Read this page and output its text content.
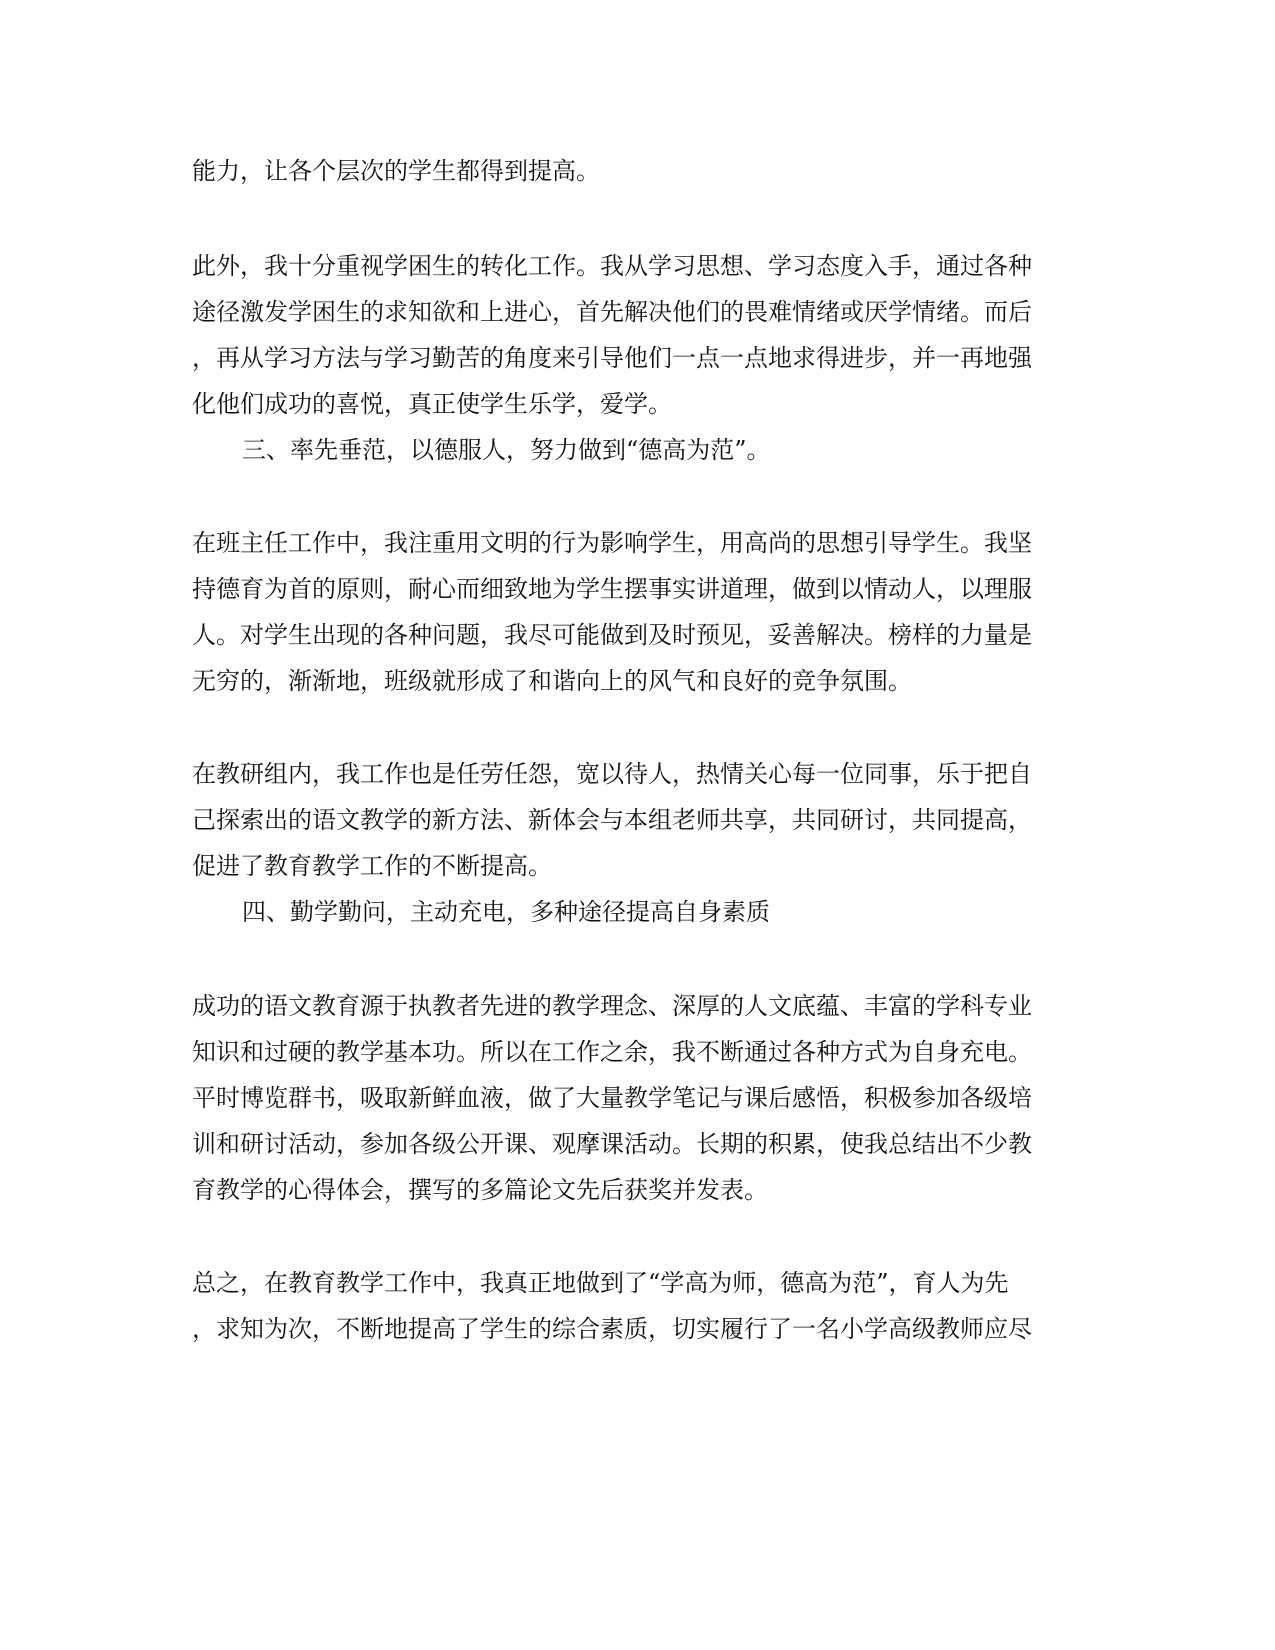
能力，让各个层次的学生都得到提高。

此外，我十分重视学困生的转化工作。我从学习思想、学习态度入手，通过各种

途径激发学困生的求知欲和上进心，首先解决他们的畏难情绪或厌学情绪。而后

，再从学习方法与学习勤苦的角度来引导他们一点一点地求得进步，并一再地强

化他们成功的喜悦，真正使学生乐学，爱学。

三、率先垂范，以德服人，努力做到“德高为范”。

在班主任工作中，我注重用文明的行为影响学生，用高尚的思想引导学生。我坚

持德育为首的原则，耐心而细致地为学生摆事实讲道理，做到以情动人，以理服

人。对学生出现的各种问题，我尽可能做到及时预见，妥善解决。榜样的力量是

无穷的，渐渐地，班级就形成了和谐向上的风气和良好的竞争氛围。

在教研组内，我工作也是任劳任怨，宽以待人，热情关心每一位同事，乐于把自

己探索出的语文教学的新方法、新体会与本组老师共享，共同研讨，共同提高，

促进了教育教学工作的不断提高。

四、勤学勤问，主动充电，多种途径提高自身素质

成功的语文教育源于执教者先进的教学理念、深厚的人文底蕴、丰富的学科专业

知识和过硬的教学基本功。所以在工作之余，我不断通过各种方式为自身充电。

平时博览群书，吸取新鲜血液，做了大量教学笔记与课后感悟，积极参加各级培

训和研讨活动，参加各级公开课、观摩课活动。长期的积累，使我总结出不少教

育教学的心得体会，撰写的多篇论文先后获奖并发表。

总之，在教育教学工作中，我真正地做到了“学高为师，德高为范”，育人为先

，求知为次，不断地提高了学生的综合素质，切实履行了一名小学高级教师应尽
